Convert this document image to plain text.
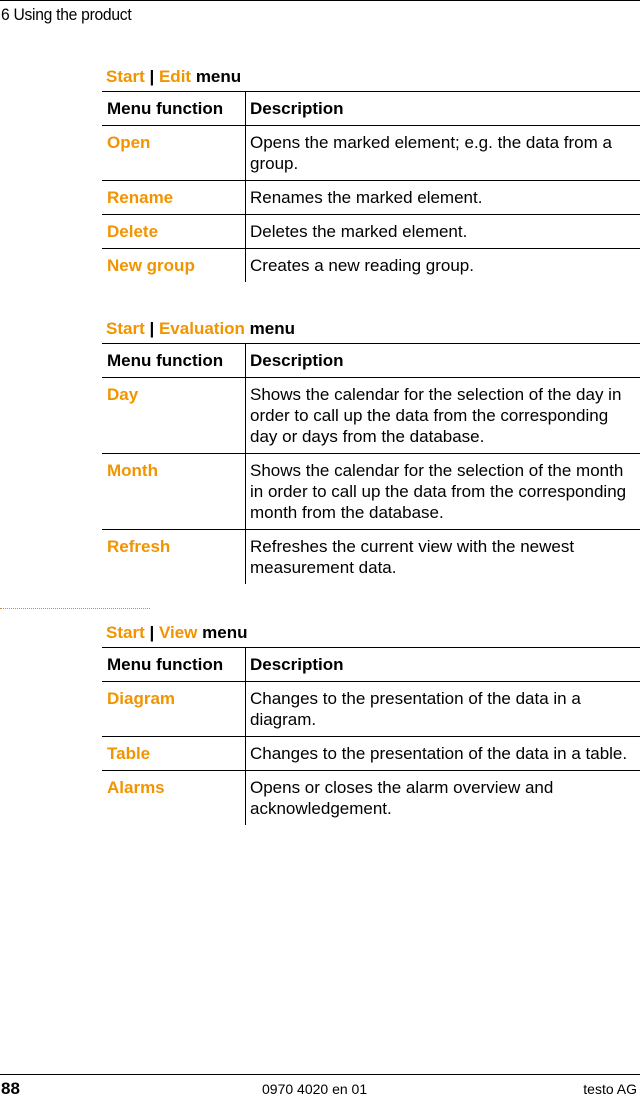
6 Using the product
Start | Edit menu
Menu function	Description
Open	Opens the marked element; e.g. the data from a group.
Rename	Renames the marked element.
Delete	Deletes the marked element.
New group	Creates a new reading group.
Start | Evaluation menu
Menu function	Description
Day	Shows the calendar for the selection of the day in order to call up the data from the corresponding day or days from the database.
Month	Shows the calendar for the selection of the month in order to call up the data from the corresponding month from the database.
Refresh	Refreshes the current view with the newest measurement data.
Start | View menu
Menu function	Description
Diagram	Changes to the presentation of the data in a diagram.
Table	Changes to the presentation of the data in a table.
Alarms	Opens or closes the alarm overview and acknowledgement.
88	0970 4020 en 01	testo AG
